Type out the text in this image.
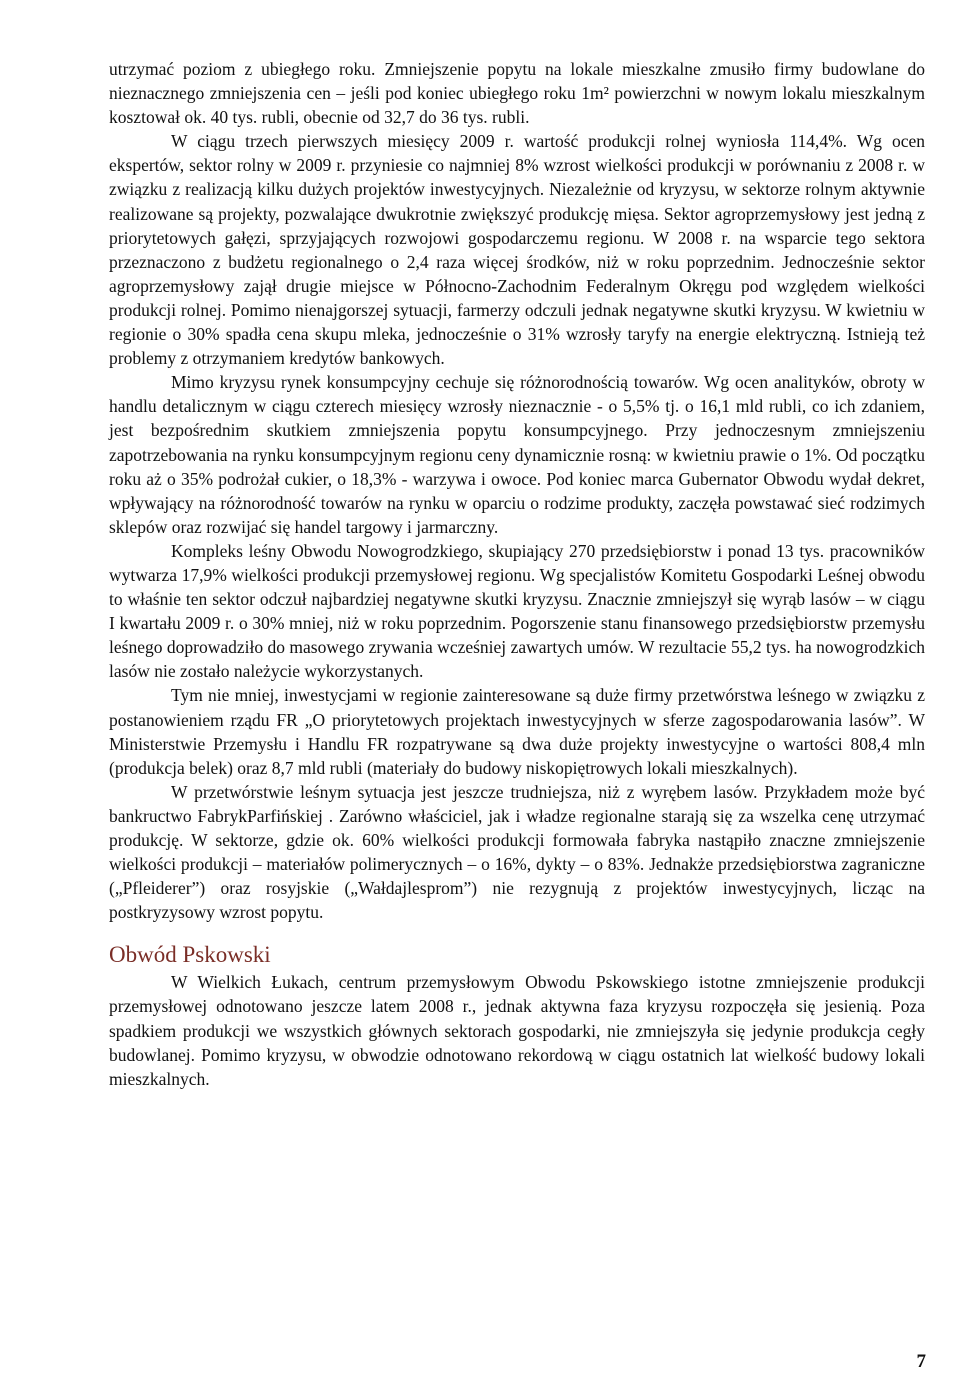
utrzymać poziom z ubiegłego roku. Zmniejszenie popytu na lokale mieszkalne zmusiło firmy budowlane do nieznacznego zmniejszenia cen – jeśli pod koniec ubiegłego roku 1m² powierzchni w nowym lokalu mieszkalnym kosztował ok. 40 tys. rubli, obecnie od 32,7 do 36 tys. rubli.

W ciągu trzech pierwszych miesięcy 2009 r. wartość produkcji rolnej wyniosła 114,4%. Wg ocen ekspertów, sektor rolny w 2009 r. przyniesie co najmniej 8% wzrost wielkości produkcji w porównaniu z 2008 r. w związku z realizacją kilku dużych projektów inwestycyjnych. Niezależnie od kryzysu, w sektorze rolnym aktywnie realizowane są projekty, pozwalające dwukrotnie zwiększyć produkcję mięsa. Sektor agroprzemysłowy jest jedną z priorytetowych gałęzi, sprzyjających rozwojowi gospodarczemu regionu. W 2008 r. na wsparcie tego sektora przeznaczono z budżetu regionalnego o 2,4 raza więcej środków, niż w roku poprzednim. Jednocześnie sektor agroprzemysłowy zajął drugie miejsce w Północno-Zachodnim Federalnym Okręgu pod względem wielkości produkcji rolnej. Pomimo nienajgorszej sytuacji, farmerzy odczuli jednak negatywne skutki kryzysu. W kwietniu w regionie o 30% spadła cena skupu mleka, jednocześnie o 31% wzrosły taryfy na energie elektryczną. Istnieją też problemy z otrzymaniem kredytów bankowych.

Mimo kryzysu rynek konsumpcyjny cechuje się różnorodnością towarów. Wg ocen analityków, obroty w handlu detalicznym w ciągu czterech miesięcy wzrosły nieznacznie - o 5,5% tj. o 16,1 mld rubli, co ich zdaniem, jest bezpośrednim skutkiem zmniejszenia popytu konsumpcyjnego. Przy jednoczesnym zmniejszeniu zapotrzebowania na rynku konsumpcyjnym regionu ceny dynamicznie rosną: w kwietniu prawie o 1%. Od początku roku aż o 35% podrożał cukier, o 18,3% - warzywa i owoce. Pod koniec marca Gubernator Obwodu wydał dekret, wpływający na różnorodność towarów na rynku w oparciu o rodzime produkty, zaczęła powstawać sieć rodzimych sklepów oraz rozwijać się handel targowy i jarmarczny.

Kompleks leśny Obwodu Nowogrodzkiego, skupiający 270 przedsiębiorstw i ponad 13 tys. pracowników wytwarza 17,9% wielkości produkcji przemysłowej regionu. Wg specjalistów Komitetu Gospodarki Leśnej obwodu to właśnie ten sektor odczuł najbardziej negatywne skutki kryzysu. Znacznie zmniejszył się wyrąb lasów – w ciągu I kwartału 2009 r. o 30% mniej, niż w roku poprzednim. Pogorszenie stanu finansowego przedsiębiorstw przemysłu leśnego doprowadziło do masowego zrywania wcześniej zawartych umów. W rezultacie 55,2 tys. ha nowogrodzkich lasów nie zostało należycie wykorzystanych.

Tym nie mniej, inwestycjami w regionie zainteresowane są duże firmy przetwórstwa leśnego w związku z postanowieniem rządu FR „O priorytetowych projektach inwestycyjnych w sferze zagospodarowania lasów”. W Ministerstwie Przemysłu i Handlu FR rozpatrywane są dwa duże projekty inwestycyjne o wartości 808,4 mln (produkcja belek) oraz 8,7 mld rubli (materiały do budowy niskopiętrowych lokali mieszkalnych).

W przetwórstwie leśnym sytuacja jest jeszcze trudniejsza, niż z wyrębem lasów. Przykładem może być bankructwo FabrykParfińskiej . Zarówno właściciel, jak i władze regionalne starają się za wszelka cenę utrzymać produkcję. W sektorze, gdzie ok. 60% wielkości produkcji formowała fabryka nastąpiło znaczne zmniejszenie wielkości produkcji – materiałów polimerycznych – o 16%, dykty – o 83%. Jednakże przedsiębiorstwa zagraniczne („Pfleiderer”) oraz rosyjskie („Wałdajlesprom”) nie rezygnują z projektów inwestycyjnych, licząc na postkryzysowy wzrost popytu.

Obwód Pskowski

W Wielkich Łukach, centrum przemysłowym Obwodu Pskowskiego istotne zmniejszenie produkcji przemysłowej odnotowano jeszcze latem 2008 r., jednak aktywna faza kryzysu rozpoczęła się jesienią. Poza spadkiem produkcji we wszystkich głównych sektorach gospodarki, nie zmniejszyła się jedynie produkcja cegły budowlanej. Pomimo kryzysu, w obwodzie odnotowano rekordową w ciągu ostatnich lat wielkość budowy lokali mieszkalnych.

7
